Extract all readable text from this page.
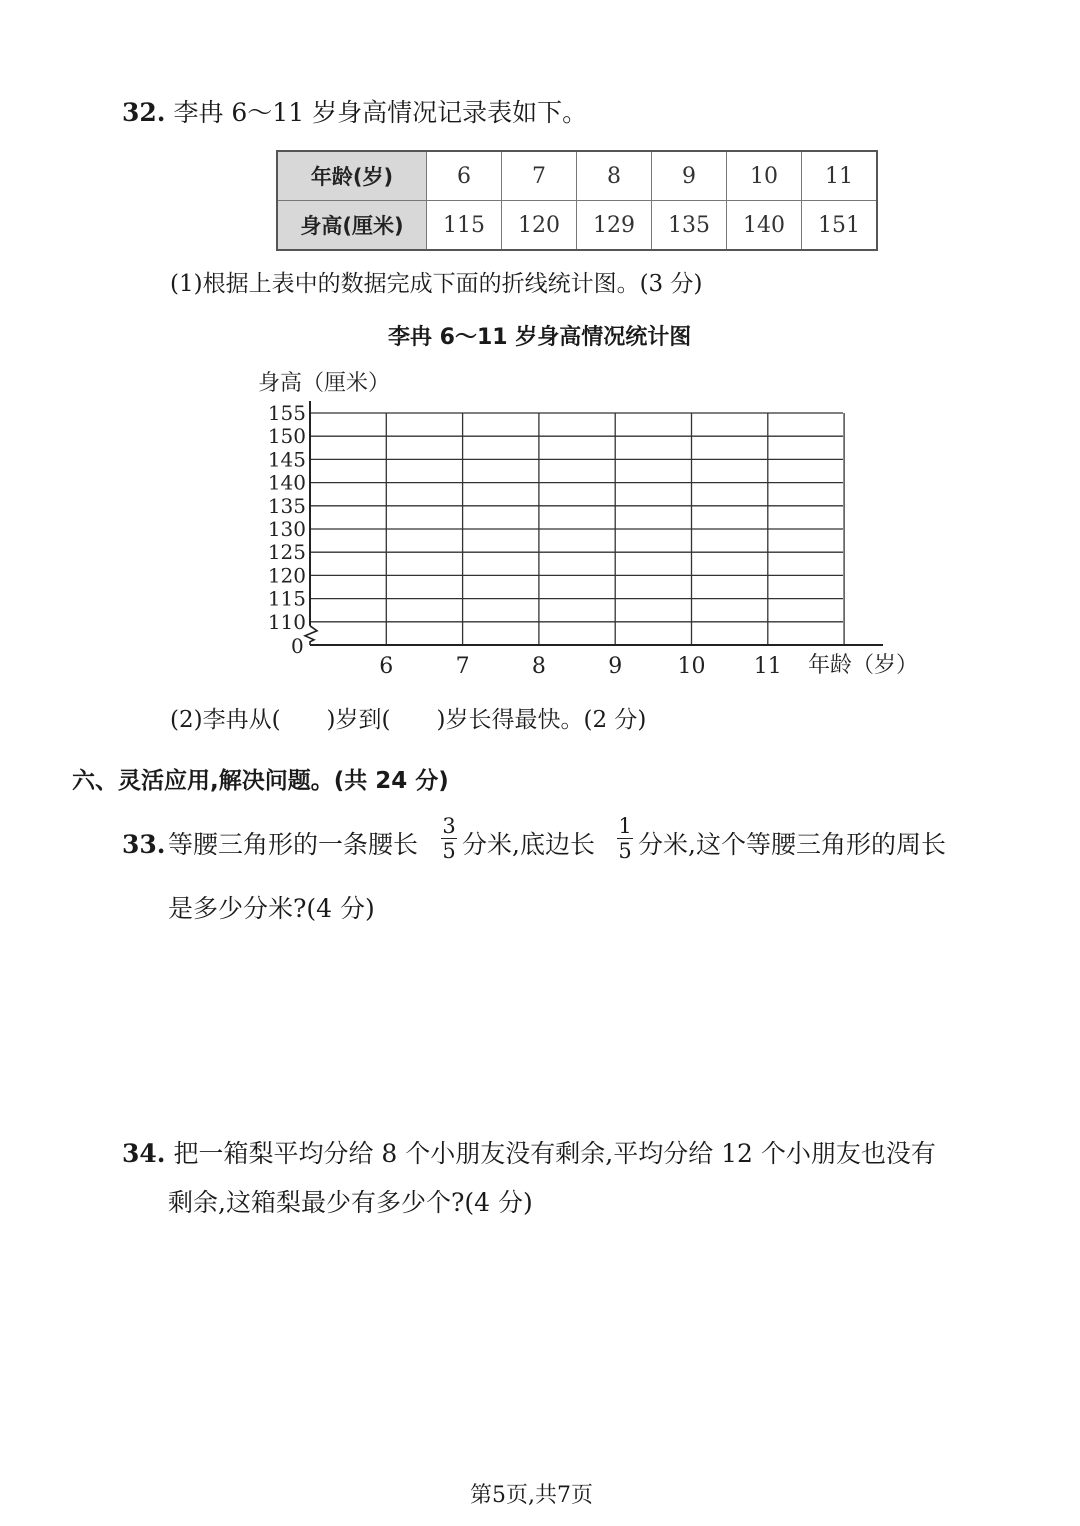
32. 李冉 6～11 岁身高情况记录表如下。
年龄(岁)	6	7	8	9	10	11
身高(厘米)	115	120	129	135	140	151
(1)根据上表中的数据完成下面的折线统计图。(3 分)
李冉 6～11 岁身高情况统计图
155
150
145
140
135
130
125
120
115
110
6	7	8	9	10 11
身高（厘米）
年龄（岁）
0
(2)李冉从(　　)岁到(　　)岁长得最快。(2 分)
六、灵活应用,解决问题。(共 24 分)
33. 等腰三角形的一条腰长
3
5 分米,底边长
1
5 分米,这个等腰三角形的周长
是多少分米?(4 分)
34. 把一箱梨平均分给 8 个小朋友没有剩余,平均分给 12 个小朋友也没有
剩余,这箱梨最少有多少个?(4 分)
第5页,共7页
